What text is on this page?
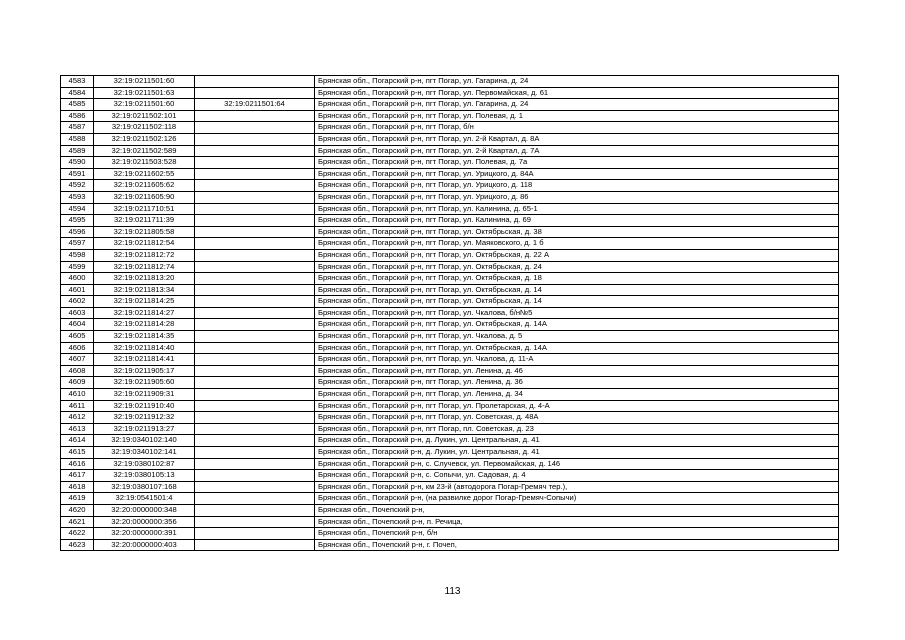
4583	32:19:0211501:60		Брянская обл., Погарский р-н, пгт Погар, ул. Гагарина, д. 24
4584	32:19:0211501:63		Брянская обл., Погарский р-н, пгт Погар, ул. Первомайская, д. 61
4585	32:19:0211501:60	32:19:0211501:64	Брянская обл., Погарский р-н, пгт Погар, ул. Гагарина, д. 24
4586	32:19:0211502:101		Брянская обл., Погарский р-н, пгт Погар, ул. Полевая, д. 1
4587	32:19:0211502:118		Брянская обл., Погарский р-н, пгт Погар, б/н
4588	32:19:0211502:126		Брянская обл., Погарский р-н, пгт Погар, ул. 2-й Квартал, д. 8А
4589	32:19:0211502:589		Брянская обл., Погарский р-н, пгт Погар, ул. 2-й Квартал, д. 7А
4590	32:19:0211503:528		Брянская обл., Погарский р-н, пгт Погар, ул. Полевая, д. 7а
4591	32:19:0211602:55		Брянская обл., Погарский р-н, пгт Погар, ул. Урицкого, д. 84А
4592	32:19:0211605:62		Брянская обл., Погарский р-н, пгт Погар, ул. Урицкого, д. 118
4593	32:19:0211605:90		Брянская обл., Погарский р-н, пгт Погар, ул. Урицкого, д. 86
4594	32:19:0211710:51		Брянская обл., Погарский р-н, пгт Погар, ул. Калинина, д. 65-1
4595	32:19:0211711:39		Брянская обл., Погарский р-н, пгт Погар, ул. Калинина, д. 69
4596	32:19:0211805:58		Брянская обл., Погарский р-н, пгт Погар, ул. Октябрьская, д. 38
4597	32:19:0211812:54		Брянская обл., Погарский р-н, пгт Погар, ул. Маяковского, д. 1 б
4598	32:19:0211812:72		Брянская обл., Погарский р-н, пгт Погар, ул. Октябрьская, д. 22 А
4599	32:19:0211812:74		Брянская обл., Погарский р-н, пгт Погар, ул. Октябрьская, д. 24
4600	32:19:0211813:20		Брянская обл., Погарский р-н, пгт Погар, ул. Октябрьская, д. 18
4601	32:19:0211813:34		Брянская обл., Погарский р-н, пгт Погар, ул. Октябрьская, д. 14
4602	32:19:0211814:25		Брянская обл., Погарский р-н, пгт Погар, ул. Октябрьская, д. 14
4603	32:19:0211814:27		Брянская обл., Погарский р-н, пгт Погар, ул. Чкалова, б/н№5
4604	32:19:0211814:28		Брянская обл., Погарский р-н, пгт Погар, ул. Октябрьская, д. 14А
4605	32:19:0211814:35		Брянская обл., Погарский р-н, пгт Погар, ул. Чкалова, д. 5
4606	32:19:0211814:40		Брянская обл., Погарский р-н, пгт Погар, ул. Октябрьская, д. 14А
4607	32:19:0211814:41		Брянская обл., Погарский р-н, пгт Погар, ул. Чкалова, д. 11-А
4608	32:19:0211905:17		Брянская обл., Погарский р-н, пгт Погар, ул. Ленина, д. 46
4609	32:19:0211905:60		Брянская обл., Погарский р-н, пгт Погар, ул. Ленина, д. 36
4610	32:19:0211909:31		Брянская обл., Погарский р-н, пгт Погар, ул. Ленина, д. 34
4611	32:19:0211910:40		Брянская обл., Погарский р-н, пгт Погар, ул. Пролетарская, д. 4-А
4612	32:19:0211912:32		Брянская обл., Погарский р-н, пгт Погар, ул. Советская, д. 48А
4613	32:19:0211913:27		Брянская обл., Погарский р-н, пгт Погар, пл. Советская, д. 23
4614	32:19:0340102:140		Брянская обл., Погарский р-н, д. Лукин, ул. Центральная, д. 41
4615	32:19:0340102:141		Брянская обл., Погарский р-н, д. Лукин, ул. Центральная, д. 41
4616	32:19:0380102:87		Брянская обл., Погарский р-н, с. Случевск, ул. Первомайская, д. 146
4617	32:19:0380105:13		Брянская обл., Погарский р-н, с. Сопычи, ул. Садовая, д. 4
4618	32:19:0380107:168		Брянская обл., Погарский р-н, км 23-й (автодорога Погар-Гремяч тер.),
4619	32:19:0541501:4		Брянская обл., Погарский р-н, (на развилке дорог Погар-Гремяч-Сопычи)
4620	32:20:0000000:348		Брянская обл., Почепский р-н,
4621	32:20:0000000:356		Брянская обл., Почепский р-н, п. Речица,
4622	32:20:0000000:391		Брянская обл., Почепский р-н, б/н
4623	32:20:0000000:403		Брянская обл., Почепский р-н, г. Почеп,
113
